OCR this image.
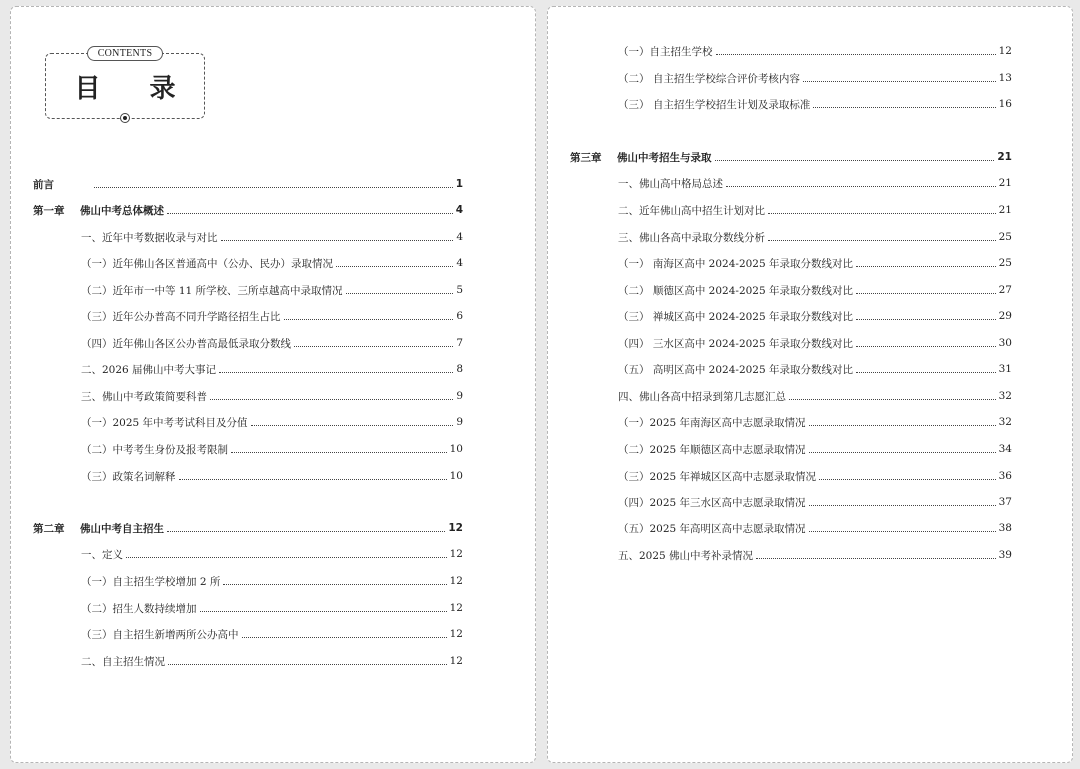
CONTENTS
目 录
前言	1
第一章	佛山中考总体概述	4
一、近年中考数据收录与对比	4
（一）近年佛山各区普通高中（公办、民办）录取情况	4
（二）近年市一中等 11 所学校、三所卓越高中录取情况	5
（三）近年公办普高不同升学路径招生占比	6
（四）近年佛山各区公办普高最低录取分数线	7
二、2026 届佛山中考大事记	8
三、佛山中考政策简要科普	9
（一）2025 年中考考试科目及分值	9
（二）中考考生身份及报考限制	10
（三）政策名词解释	10
第二章	佛山中考自主招生	12
一、定义	12
（一）自主招生学校增加 2 所	12
（二）招生人数持续增加	12
（三）自主招生新增两所公办高中	12
二、自主招生情况	12
（一）自主招生学校	12
（二） 自主招生学校综合评价考核内容	13
（三） 自主招生学校招生计划及录取标准	16
第三章	佛山中考招生与录取	21
一、佛山高中格局总述	21
二、近年佛山高中招生计划对比	21
三、佛山各高中录取分数线分析	25
（一） 南海区高中 2024-2025 年录取分数线对比	25
（二） 顺德区高中 2024-2025 年录取分数线对比	27
（三） 禅城区高中 2024-2025 年录取分数线对比	29
（四） 三水区高中 2024-2025 年录取分数线对比	30
（五） 高明区高中 2024-2025 年录取分数线对比	31
四、佛山各高中招录到第几志愿汇总	32
（一）2025 年南海区高中志愿录取情况	32
（二）2025 年顺德区高中志愿录取情况	34
（三）2025 年禅城区区高中志愿录取情况	36
（四）2025 年三水区高中志愿录取情况	37
（五）2025 年高明区高中志愿录取情况	38
五、2025 佛山中考补录情况	39
